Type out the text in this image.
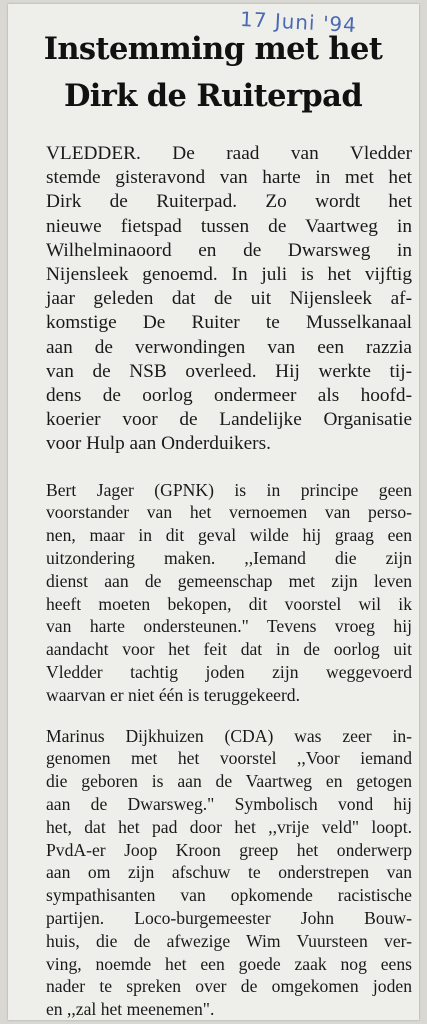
17 Juni '94
Instemming met het
Dirk de Ruiterpad
VLEDDER. De raad van Vledder
stemde gisteravond van harte in met het
Dirk de Ruiterpad. Zo wordt het
nieuwe fietspad tussen de Vaartweg in
Wilhelminaoord en de Dwarsweg in
Nijensleek genoemd. In juli is het vijftig
jaar geleden dat de uit Nijensleek af-
komstige De Ruiter te Musselkanaal
aan de verwondingen van een razzia
van de NSB overleed. Hij werkte tij-
dens de oorlog ondermeer als hoofd-
koerier voor de Landelijke Organisatie
voor Hulp aan Onderduikers.
Bert Jager (GPNK) is in principe geen
voorstander van het vernoemen van perso-
nen, maar in dit geval wilde hij graag een
uitzondering maken. ,,Iemand die zijn
dienst aan de gemeenschap met zijn leven
heeft moeten bekopen, dit voorstel wil ik
van harte ondersteunen." Tevens vroeg hij
aandacht voor het feit dat in de oorlog uit
Vledder tachtig joden zijn weggevoerd
waarvan er niet één is teruggekeerd.
Marinus Dijkhuizen (CDA) was zeer in-
genomen met het voorstel ,,Voor iemand
die geboren is aan de Vaartweg en getogen
aan de Dwarsweg." Symbolisch vond hij
het, dat het pad door het ,,vrije veld" loopt.
PvdA-er Joop Kroon greep het onderwerp
aan om zijn afschuw te onderstrepen van
sympathisanten van opkomende racistische
partijen. Loco-burgemeester John Bouw-
huis, die de afwezige Wim Vuursteen ver-
ving, noemde het een goede zaak nog eens
nader te spreken over de omgekomen joden
en ,,zal het meenemen".
